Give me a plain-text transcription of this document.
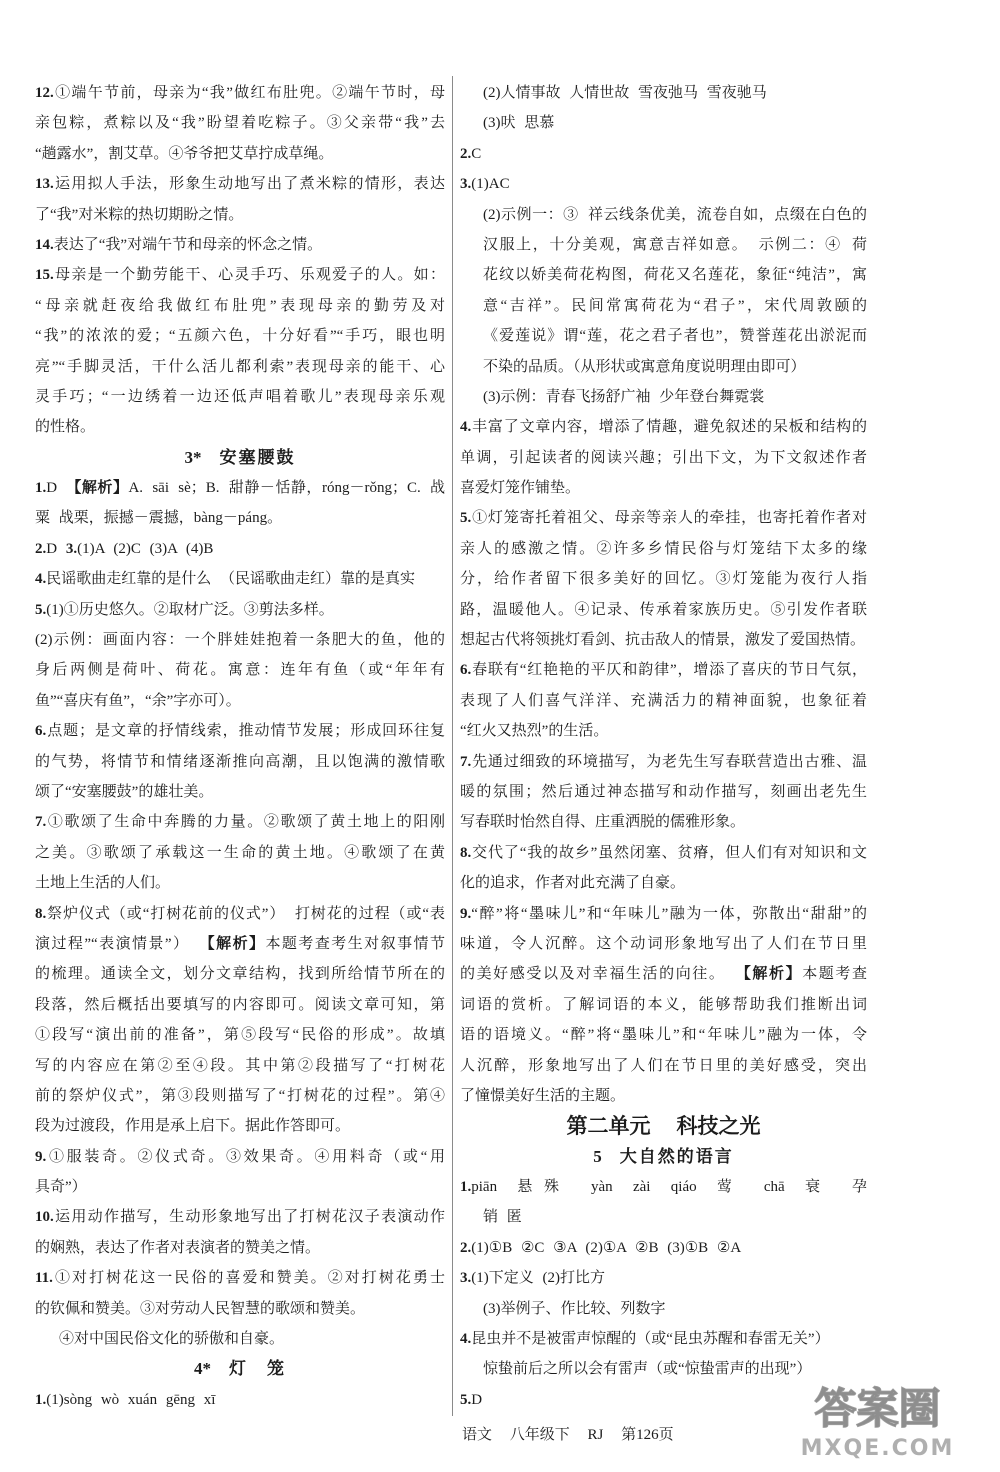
12.①端午节前，母亲为“我”做红布肚兜。②端午节时，母
亲包粽，煮粽以及“我”盼望着吃粽子。③父亲带“我”去
“趟露水”，割艾草。④爷爷把艾草拧成草绳。
13.运用拟人手法，形象生动地写出了煮米粽的情形，表达
了“我”对米粽的热切期盼之情。
14.表达了“我”对端午节和母亲的怀念之情。
15.母亲是一个勤劳能干、心灵手巧、乐观爱子的人。如：
“母亲就赶夜给我做红布肚兜”表现母亲的勤劳及对
“我”的浓浓的爱；“五颜六色，十分好看”“手巧，眼也明
亮”“手脚灵活，干什么活儿都利索”表现母亲的能干、心
灵手巧；“一边绣着一边还低声唱着歌儿”表现母亲乐观
的性格。
3* 安塞腰鼓
1.D 【解析】A. sāi sè；B. 甜静－恬静，róng－rǒng；C. 战
粟 战栗，振撼－震撼，bàng－páng。
2.D 3.(1)A (2)C (3)A (4)B
4.民谣歌曲走红靠的是什么 （民谣歌曲走红）靠的是真实
5.(1)①历史悠久。②取材广泛。③剪法多样。
(2)示例：画面内容：一个胖娃娃抱着一条肥大的鱼，他的
身后两侧是荷叶、荷花。寓意：连年有鱼（或“年年有
鱼”“喜庆有鱼”，“余”字亦可）。
6.点题；是文章的抒情线索，推动情节发展；形成回环往复
的气势，将情节和情绪逐渐推向高潮，且以饱满的激情歌
颂了“安塞腰鼓”的雄壮美。
7.①歌颂了生命中奔腾的力量。②歌颂了黄土地上的阳刚
之美。③歌颂了承载这一生命的黄土地。④歌颂了在黄
土地上生活的人们。
8.祭炉仪式（或“打树花前的仪式”） 打树花的过程（或“表
演过程”“表演情景”） 【解析】本题考查考生对叙事情节
的梳理。通读全文，划分文章结构，找到所给情节所在的
段落，然后概括出要填写的内容即可。阅读文章可知，第
①段写“演出前的准备”，第⑤段写“民俗的形成”。故填
写的内容应在第②至④段。其中第②段描写了“打树花
前的祭炉仪式”，第③段则描写了“打树花的过程”。第④
段为过渡段，作用是承上启下。据此作答即可。
9.①服装奇。②仪式奇。③效果奇。④用料奇（或“用
具奇”）
10.运用动作描写，生动形象地写出了打树花汉子表演动作
的娴熟，表达了作者对表演者的赞美之情。
11.①对打树花这一民俗的喜爱和赞美。②对打树花勇士
的钦佩和赞美。③对劳动人民智慧的歌颂和赞美。
④对中国民俗文化的骄傲和自豪。
4* 灯　笼
1.(1)sòng wò xuán gēng xī
(2)人情事故 人情世故 雪夜弛马 雪夜驰马
(3)吠 思慕
2.C
3.(1)AC
(2)示例一：③ 祥云线条优美，流卷自如，点缀在白色的
汉服上，十分美观，寓意吉祥如意。 示例二：④ 荷
花纹以娇美荷花构图，荷花又名莲花，象征“纯洁”，寓
意“吉祥”。民间常寓荷花为“君子”，宋代周敦颐的
《爱莲说》谓“莲，花之君子者也”，赞誉莲花出淤泥而
不染的品质。（从形状或寓意角度说明理由即可）
(3)示例：青春飞扬舒广袖 少年登台舞霓裳
4.丰富了文章内容，增添了情趣，避免叙述的呆板和结构的
单调，引起读者的阅读兴趣；引出下文，为下文叙述作者
喜爱灯笼作铺垫。
5.①灯笼寄托着祖父、母亲等亲人的牵挂，也寄托着作者对
亲人的感激之情。②许多乡情民俗与灯笼结下太多的缘
分，给作者留下很多美好的回忆。③灯笼能为夜行人指
路，温暖他人。④记录、传承着家族历史。⑤引发作者联
想起古代将领挑灯看剑、抗击敌人的情景，激发了爱国热情。
6.春联有“红艳艳的平仄和韵律”，增添了喜庆的节日气氛，
表现了人们喜气洋洋、充满活力的精神面貌，也象征着
“红火又热烈”的生活。
7.先通过细致的环境描写，为老先生写春联营造出古雅、温
暖的氛围；然后通过神态描写和动作描写，刻画出老先生
写春联时怡然自得、庄重洒脱的儒雅形象。
8.交代了“我的故乡”虽然闭塞、贫瘠，但人们有对知识和文
化的追求，作者对此充满了自豪。
9.“醉”将“墨味儿”和“年味儿”融为一体，弥散出“甜甜”的
味道，令人沉醉。这个动词形象地写出了人们在节日里
的美好感受以及对幸福生活的向往。 【解析】本题考查
词语的赏析。了解词语的本义，能够帮助我们推断出词
语的语境义。“醉”将“墨味儿”和“年味儿”融为一体，令
人沉醉，形象地写出了人们在节日里的美好感受，突出
了憧憬美好生活的主题。
第二单元 科技之光
5 大自然的语言
1.piān 悬殊 yàn zài qiáo 莺 chā 衰 孕
销 匿
2.(1)①B ②C ③A (2)①A ②B (3)①B ②A
3.(1)下定义 (2)打比方
(3)举例子、作比较、列数字
4.昆虫并不是被雷声惊醒的（或“昆虫苏醒和春雷无关”）
惊蛰前后之所以会有雷声（或“惊蛰雷声的出现”）
5.D
语文 八年级下 RJ 第126页
答案圈
MXQE.COM
